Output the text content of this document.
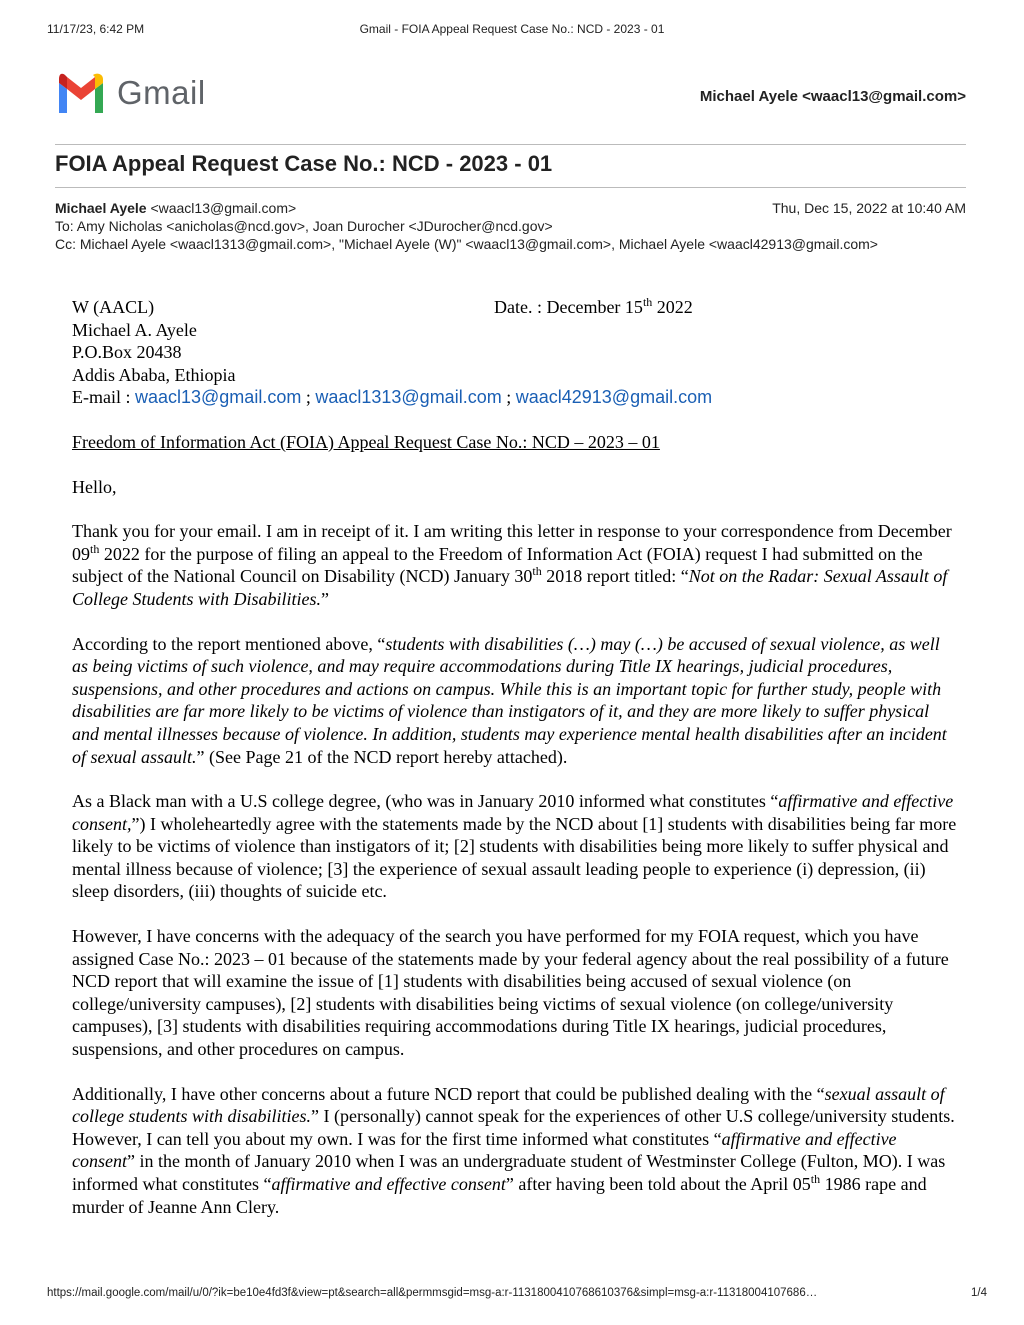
11/17/23, 6:42 PM	Gmail - FOIA Appeal Request Case No.: NCD - 2023 - 01
Gmail	Michael Ayele <waacl13@gmail.com>
FOIA Appeal Request Case No.: NCD - 2023 - 01
Michael Ayele <waacl13@gmail.com>	Thu, Dec 15, 2022 at 10:40 AM
To: Amy Nicholas <anicholas@ncd.gov>, Joan Durocher <JDurocher@ncd.gov>
Cc: Michael Ayele <waacl1313@gmail.com>, "Michael Ayele (W)" <waacl13@gmail.com>, Michael Ayele <waacl42913@gmail.com>
W (AACL)
Michael A. Ayele
P.O.Box 20438
Addis Ababa, Ethiopia
Date. : December 15th 2022
E-mail : waacl13@gmail.com ; waacl1313@gmail.com ; waacl42913@gmail.com

Freedom of Information Act (FOIA) Appeal Request Case No.: NCD – 2023 – 01

Hello,

Thank you for your email. I am in receipt of it. I am writing this letter in response to your correspondence from December 09th 2022 for the purpose of filing an appeal to the Freedom of Information Act (FOIA) request I had submitted on the subject of the National Council on Disability (NCD) January 30th 2018 report titled: “Not on the Radar: Sexual Assault of College Students with Disabilities.”

According to the report mentioned above, “students with disabilities (…) may (…) be accused of sexual violence, as well as being victims of such violence, and may require accommodations during Title IX hearings, judicial procedures, suspensions, and other procedures and actions on campus. While this is an important topic for further study, people with disabilities are far more likely to be victims of violence than instigators of it, and they are more likely to suffer physical and mental illnesses because of violence. In addition, students may experience mental health disabilities after an incident of sexual assault.” (See Page 21 of the NCD report hereby attached).

As a Black man with a U.S college degree, (who was in January 2010 informed what constitutes “affirmative and effective consent,”) I wholeheartedly agree with the statements made by the NCD about [1] students with disabilities being far more likely to be victims of violence than instigators of it; [2] students with disabilities being more likely to suffer physical and mental illness because of violence; [3] the experience of sexual assault leading people to experience (i) depression, (ii) sleep disorders, (iii) thoughts of suicide etc.

However, I have concerns with the adequacy of the search you have performed for my FOIA request, which you have assigned Case No.: 2023 – 01 because of the statements made by your federal agency about the real possibility of a future NCD report that will examine the issue of [1] students with disabilities being accused of sexual violence (on college/university campuses), [2] students with disabilities being victims of sexual violence (on college/university campuses), [3] students with disabilities requiring accommodations during Title IX hearings, judicial procedures, suspensions, and other procedures on campus.

Additionally, I have other concerns about a future NCD report that could be published dealing with the “sexual assault of college students with disabilities.” I (personally) cannot speak for the experiences of other U.S college/university students. However, I can tell you about my own. I was for the first time informed what constitutes “affirmative and effective consent” in the month of January 2010 when I was an undergraduate student of Westminster College (Fulton, MO). I was informed what constitutes “affirmative and effective consent” after having been told about the April 05th 1986 rape and murder of Jeanne Ann Clery.

https://mail.google.com/mail/u/0/?ik=be10e4fd3f&view=pt&search=all&permmsgid=msg-a:r-1131800410768610376&simpl=msg-a:r-11318004107686…	1/4
